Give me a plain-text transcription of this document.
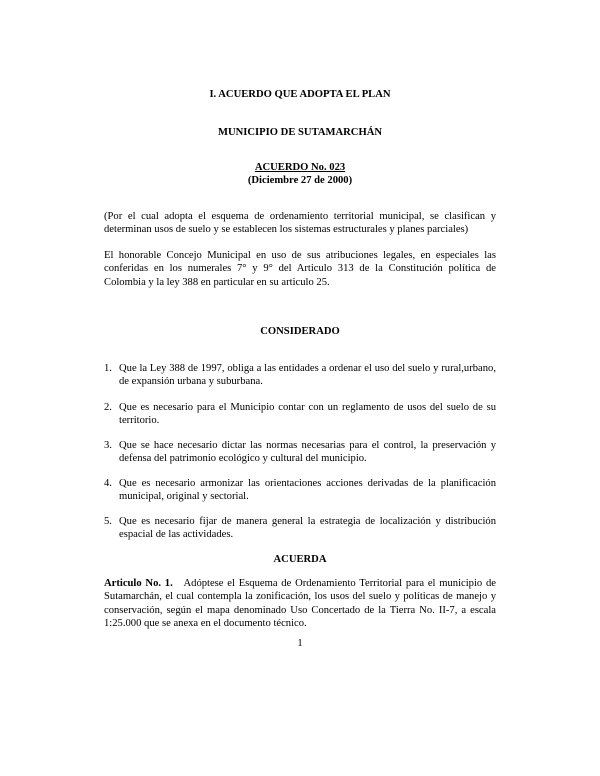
I. ACUERDO QUE ADOPTA EL PLAN
MUNICIPIO DE SUTAMARCHÁN
ACUERDO No. 023
(Diciembre 27 de 2000)
(Por el cual adopta el esquema de ordenamiento territorial municipal, se clasifican y determinan usos de suelo y se establecen los sistemas estructurales y planes parciales)
El honorable Concejo Municipal en uso de sus atribuciones legales, en especiales las conferidas en los numerales 7° y 9° del Articulo 313 de la Constitución política de Colombia y la ley 388 en particular en su articulo 25.
CONSIDERADO
1. Que la Ley 388 de 1997, obliga a las entidades a ordenar el uso del suelo y rural,urbano, de expansión urbana y suburbana.
2. Que es necesario para el Municipio contar con un reglamento de usos del suelo de su territorio.
3. Que se hace necesario dictar las normas necesarias para el control, la preservación y defensa del patrimonio ecológico y cultural del municipio.
4. Que es necesario armonizar las orientaciones acciones derivadas de la planificación municipal, original y sectorial.
5. Que es necesario fijar de manera general la estrategia de localización y distribución espacial de las actividades.
ACUERDA
Articulo No. 1. Adóptese el Esquema de Ordenamiento Territorial para el municipio de Sutamarchán, el cual contempla la zonificación, los usos del suelo y políticas de manejo y conservación, según el mapa denominado Uso Concertado de la Tierra No. II-7, a escala 1:25.000 que se anexa en el documento técnico.
1
